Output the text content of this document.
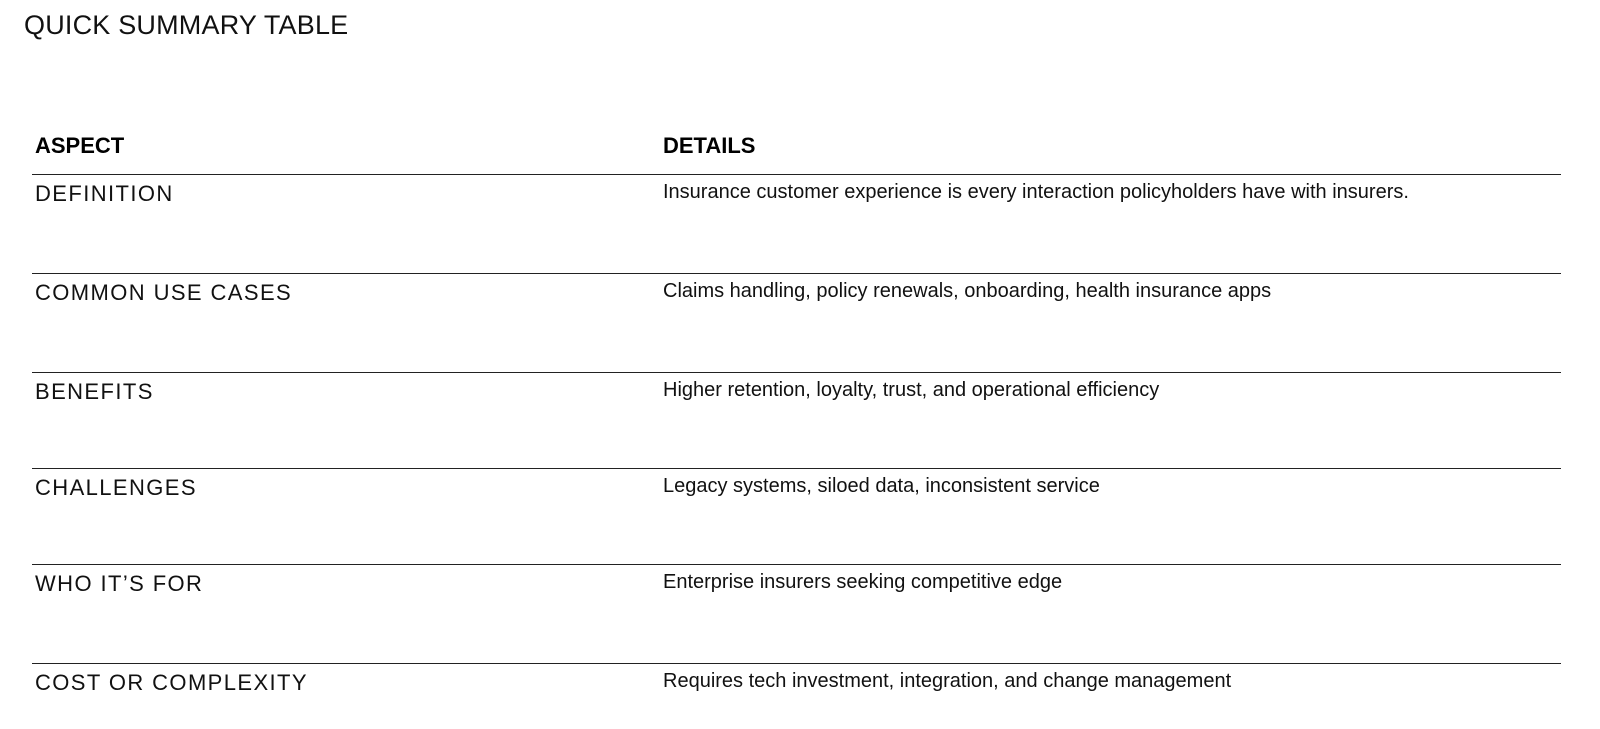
QUICK SUMMARY TABLE
ASPECT	DETAILS
DEFINITION	Insurance customer experience is every interaction policyholders have with insurers.
COMMON USE CASES	Claims handling, policy renewals, onboarding, health insurance apps
BENEFITS	Higher retention, loyalty, trust, and operational efficiency
CHALLENGES	Legacy systems, siloed data, inconsistent service
WHO IT’S FOR	Enterprise insurers seeking competitive edge
COST OR COMPLEXITY	Requires tech investment, integration, and change management
